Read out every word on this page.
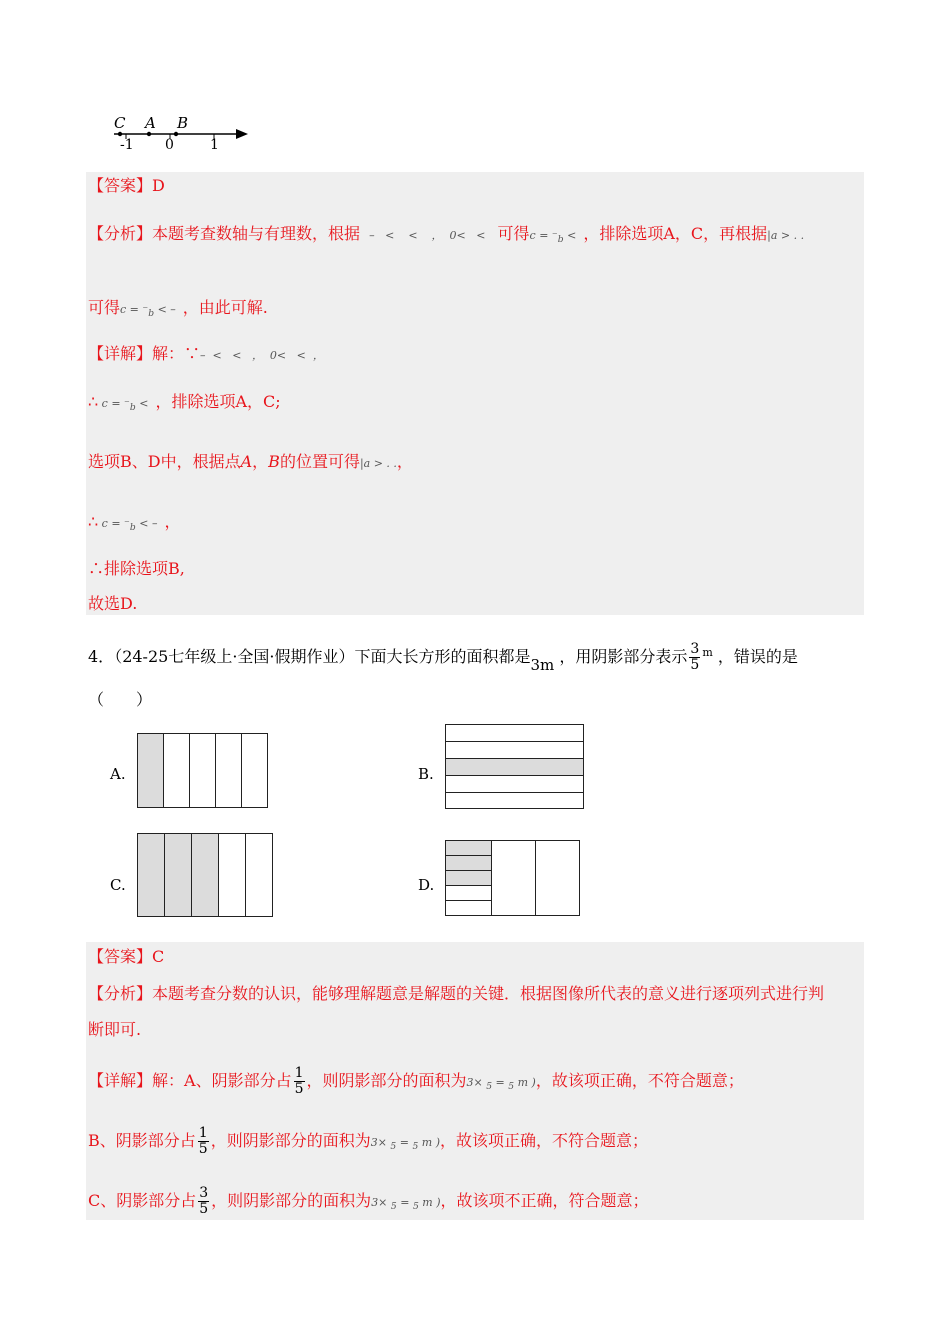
C A B
-1 0	1
【答案】D
【分析】本题考查数轴与有理数，根据 –   <    <    ，  0<   <   可得$c = ^-_b$ <  ，排除选项A，C，再根据|a > . .
可得$c = ^-_b$ < –  ，由此可解.
【详解】解：∵–  <   <   ，  0<   <  ，
∴ $c = ^-_b$ <  ，排除选项A，C;
选项B、D中，根据点A，B的位置可得|a > . .，
∴ $c = ^-_b$ < –  ，
∴排除选项B,
故选D.
4．（24-25七年级上·全国·假期作业）下面大长方形的面积都是3m ，用阴影部分表示 $\frac{3}{5} ^m$ ，错误的是
（　　）
A.	B.
C.	D.
【答案】C
【分析】本题考查分数的认识，能够理解题意是解题的关键．根据图像所代表的意义进行逐项列式进行判
断即可.
【详解】解：A、阴影部分占 $\frac{1}{5}$ ，则阴影部分的面积为3× $_5$ = $_5$ m )，故该项正确，不符合题意；
B、阴影部分占 $\frac{1}{5}$ ，则阴影部分的面积为3× $_5$ = $_5$ m )，故该项正确，不符合题意；
C、阴影部分占 $\frac{3}{5}$ ，则阴影部分的面积为3× $_5$ = $_5$ m )，故该项不正确，符合题意；
